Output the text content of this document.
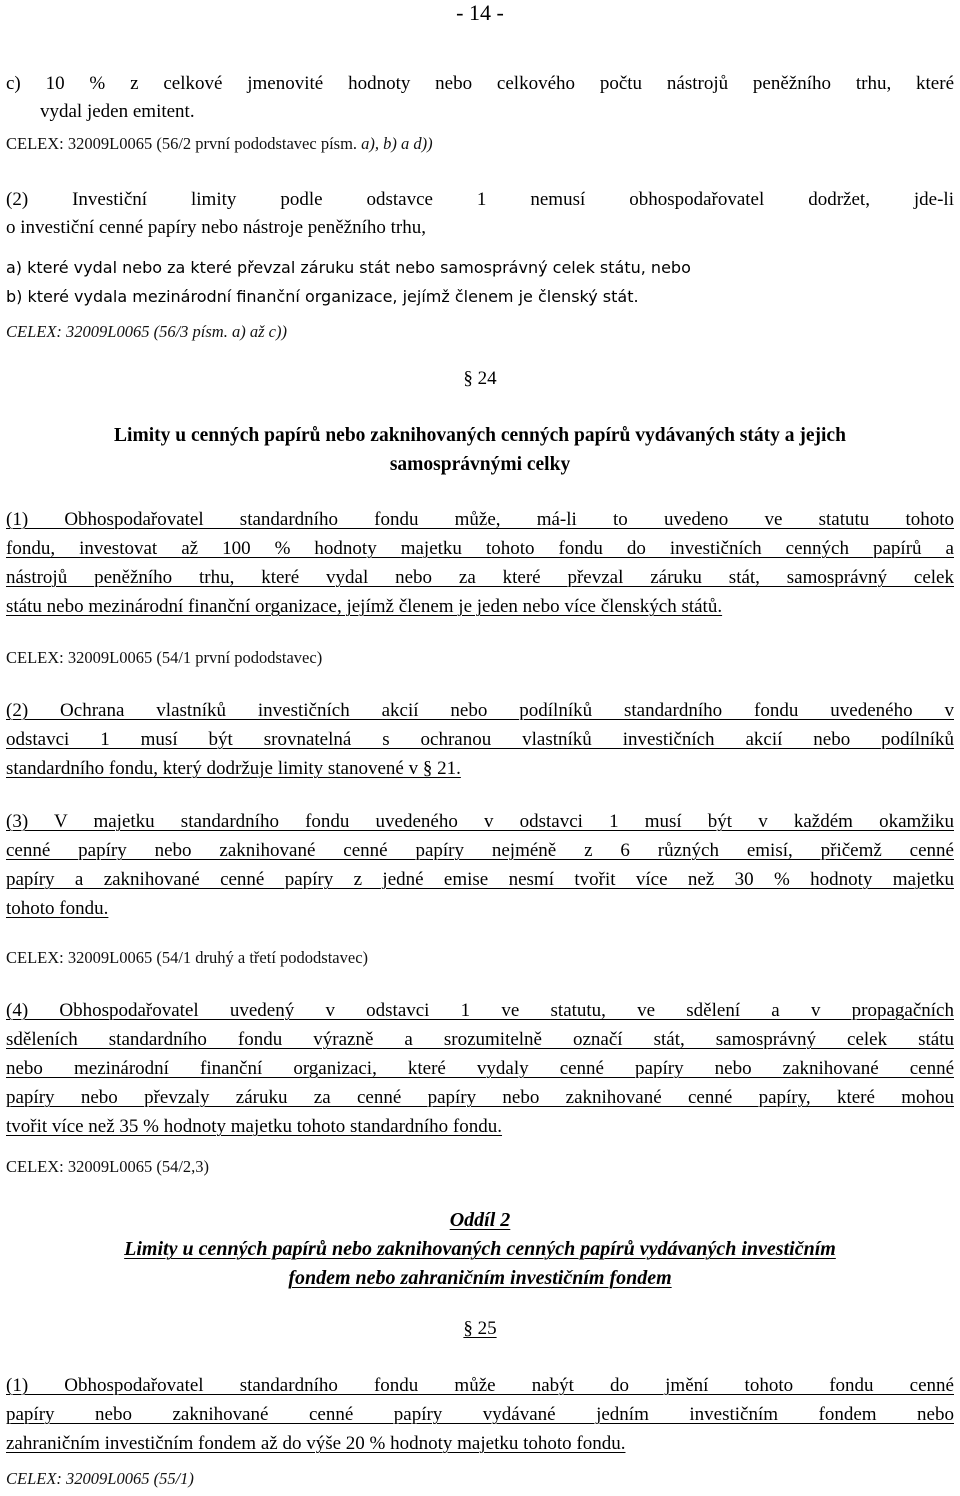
- 14 -
c) 10 % z celkové jmenovité hodnoty nebo celkového počtu nástrojů peněžního trhu, které
vydal jeden emitent.
CELEX: 32009L0065 (56/2 první pododstavec písm. a), b) a d))
(2) Investiční limity podle odstavce 1 nemusí obhospodařovatel dodržet, jde-li
o investiční cenné papíry nebo nástroje peněžního trhu,
a) které vydal nebo za které převzal záruku stát nebo samosprávný celek státu, nebo
b) které vydala mezinárodní finanční organizace, jejímž členem je členský stát.
CELEX: 32009L0065 (56/3 písm. a) až c))
§ 24
Limity u cenných papírů nebo zaknihovaných cenných papírů vydávaných státy a jejich
samosprávnými celky
(1) Obhospodařovatel standardního fondu může, má-li to uvedeno ve statutu tohoto
fondu, investovat až 100 % hodnoty majetku tohoto fondu do investičních cenných papírů a
nástrojů peněžního trhu, které vydal nebo za které převzal záruku stát, samosprávný celek
státu nebo mezinárodní finanční organizace, jejímž členem je jeden nebo více členských států.
CELEX: 32009L0065 (54/1 první pododstavec)
(2) Ochrana vlastníků investičních akcií nebo podílníků standardního fondu uvedeného v
odstavci 1 musí být srovnatelná s ochranou vlastníků investičních akcií nebo podílníků
standardního fondu, který dodržuje limity stanovené v § 21.
(3) V majetku standardního fondu uvedeného v odstavci 1 musí být v každém okamžiku
cenné papíry nebo zaknihované cenné papíry nejméně z 6 různých emisí, přičemž cenné
papíry a zaknihované cenné papíry z jedné emise nesmí tvořit více než 30 % hodnoty majetku
tohoto fondu.
CELEX: 32009L0065 (54/1 druhý a třetí pododstavec)
(4) Obhospodařovatel uvedený v odstavci 1 ve statutu, ve sdělení a v propagačních
sděleních standardního fondu výrazně a srozumitelně označí stát, samosprávný celek státu
nebo mezinárodní finanční organizaci, které vydaly cenné papíry nebo zaknihované cenné
papíry nebo převzaly záruku za cenné papíry nebo zaknihované cenné papíry, které mohou
tvořit více než 35 % hodnoty majetku tohoto standardního fondu.
CELEX: 32009L0065 (54/2,3)
Oddíl 2
Limity u cenných papírů nebo zaknihovaných cenných papírů vydávaných investičním
fondem nebo zahraničním investičním fondem
§ 25
(1) Obhospodařovatel standardního fondu může nabýt do jmění tohoto fondu cenné
papíry nebo zaknihované cenné papíry vydávané jedním investičním fondem nebo
zahraničním investičním fondem až do výše 20 % hodnoty majetku tohoto fondu.
CELEX: 32009L0065 (55/1)
